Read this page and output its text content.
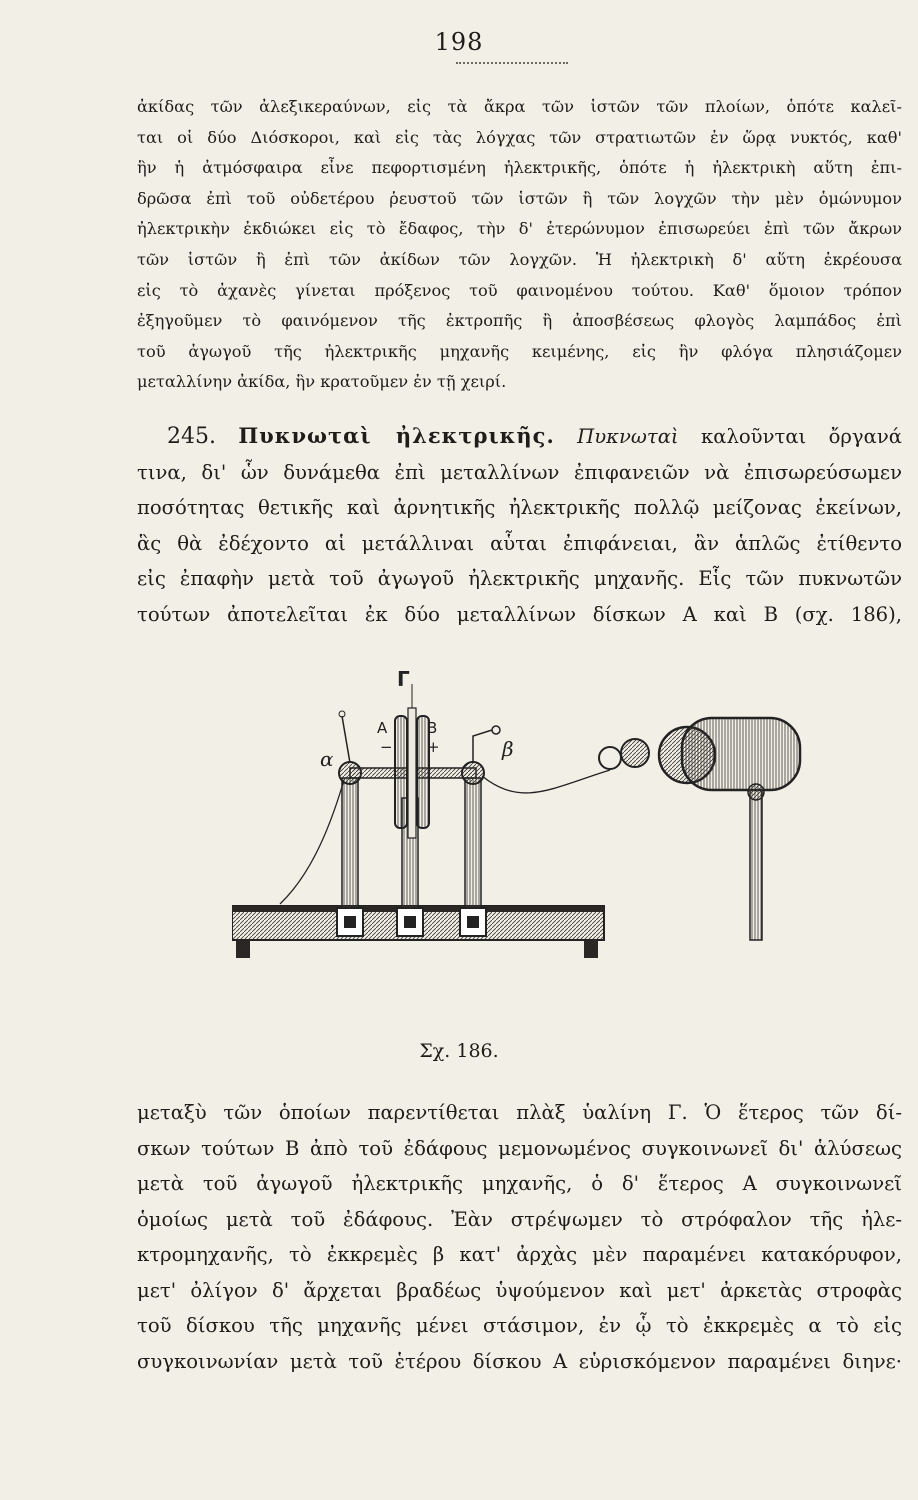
198
ἀκίδας τῶν ἀλεξικεραύνων, εἰς τὰ ἄκρα τῶν ἱστῶν τῶν πλοίων, ὁπότε καλεῖ-
ται οἱ δύο Διόσκοροι, καὶ εἰς τὰς λόγχας τῶν στρατιωτῶν ἐν ὥρᾳ νυκτός, καθ'
ἣν ἡ ἀτμόσφαιρα εἶνε πεφορτισμένη ἠλεκτρικῆς, ὁπότε ἡ ἠλεκτρικὴ αὕτη ἐπι-
δρῶσα ἐπὶ τοῦ οὐδετέρου ῥευστοῦ τῶν ἱστῶν ἢ τῶν λογχῶν τὴν μὲν ὁμώνυμον
ἠλεκτρικὴν ἐκδιώκει εἰς τὸ ἔδαφος, τὴν δ' ἑτερώνυμον ἐπισωρεύει ἐπὶ τῶν ἄκρων
τῶν ἱστῶν ἢ ἐπὶ τῶν ἀκίδων τῶν λογχῶν. Ἡ ἠλεκτρικὴ δ' αὕτη ἐκρέουσα
εἰς τὸ ἀχανὲς γίνεται πρόξενος τοῦ φαινομένου τούτου. Καθ' ὅμοιον τρόπον
ἐξηγοῦμεν τὸ φαινόμενον τῆς ἐκτροπῆς ἢ ἀποσβέσεως φλογὸς λαμπάδος ἐπὶ
τοῦ ἀγωγοῦ τῆς ἠλεκτρικῆς μηχανῆς κειμένης, εἰς ἣν φλόγα πλησιάζομεν
μεταλλίνην ἀκίδα, ἣν κρατοῦμεν ἐν τῇ χειρί.
245. Πυκνωταὶ ἠλεκτρικῆς. Πυκνωταὶ καλοῦνται ὄργανά
τινα, δι' ὧν δυνάμεθα ἐπὶ μεταλλίνων ἐπιφανειῶν νὰ ἐπισωρεύσωμεν
ποσότητας θετικῆς καὶ ἀρνητικῆς ἠλεκτρικῆς πολλῷ μείζονας ἐκείνων,
ἃς θὰ ἐδέχοντο αἱ μετάλλιναι αὗται ἐπιφάνειαι, ἂν ἁπλῶς ἐτίθεντο
εἰς ἐπαφὴν μετὰ τοῦ ἀγωγοῦ ἠλεκτρικῆς μηχανῆς. Εἷς τῶν πυκνωτῶν
τούτων ἀποτελεῖται ἐκ δύο μεταλλίνων δίσκων Α καὶ Β (σχ. 186),
Γ
A	B
− +
α	β
Σχ. 186.
μεταξὺ τῶν ὁποίων παρεντίθεται πλὰξ ὑαλίνη Γ. Ὁ ἕτερος τῶν δί-
σκων τούτων Β ἀπὸ τοῦ ἐδάφους μεμονωμένος συγκοινωνεῖ δι' ἁλύσεως
μετὰ τοῦ ἀγωγοῦ ἠλεκτρικῆς μηχανῆς, ὁ δ' ἕτερος Α συγκοινωνεῖ
ὁμοίως μετὰ τοῦ ἐδάφους. Ἐὰν στρέψωμεν τὸ στρόφαλον τῆς ἠλε-
κτρομηχανῆς, τὸ ἐκκρεμὲς β κατ' ἀρχὰς μὲν παραμένει κατακόρυφον,
μετ' ὀλίγον δ' ἄρχεται βραδέως ὑψούμενον καὶ μετ' ἀρκετὰς στροφὰς
τοῦ δίσκου τῆς μηχανῆς μένει στάσιμον, ἐν ᾧ τὸ ἐκκρεμὲς α τὸ εἰς
συγκοινωνίαν μετὰ τοῦ ἑτέρου δίσκου Α εὑρισκόμενον παραμένει διηνε·
